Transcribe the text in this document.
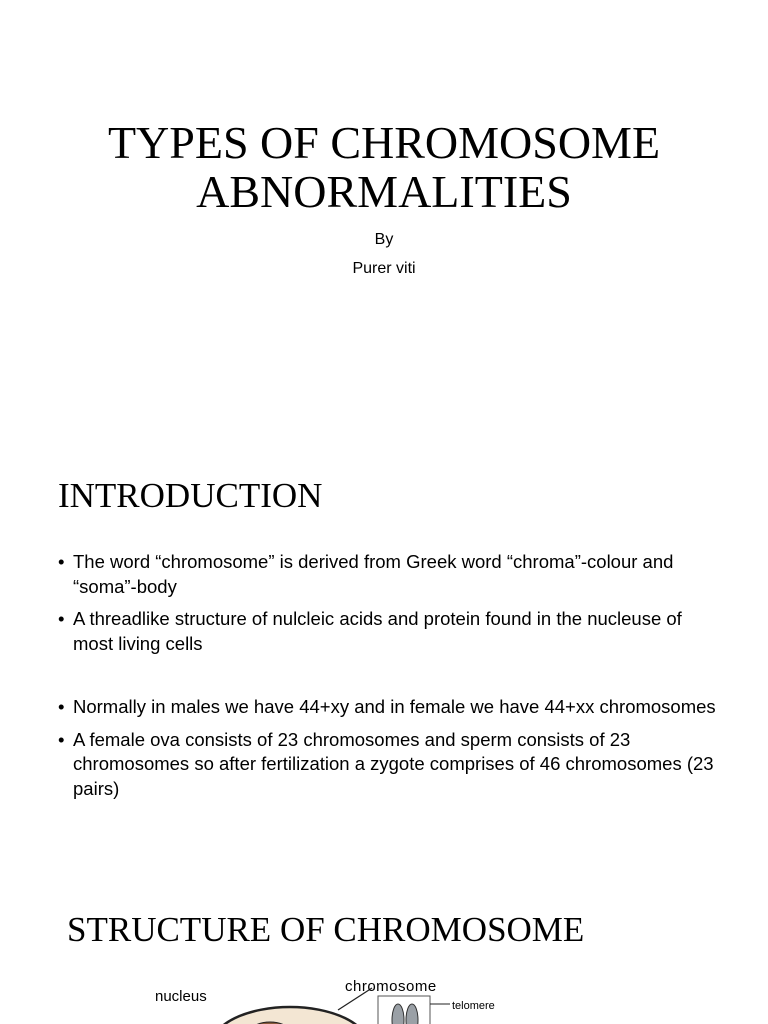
TYPES OF CHROMOSOME
ABNORMALITIES
By
Purer viti
INTRODUCTION
• The word “chromosome” is derived from Greek word “chroma”-colour and “soma”-body
• A threadlike structure of nulcleic acids and protein found in the nucleuse of most living cells
• Normally in males we have 44+xy and in female we have 44+xx chromosomes
• A female ova consists of 23 chromosomes and sperm consists of 23 chromosomes so after fertilization a zygote comprises of 46 chromosomes (23 pairs)
STRUCTURE OF CHROMOSOME
nucleus
chromosome
telomere
